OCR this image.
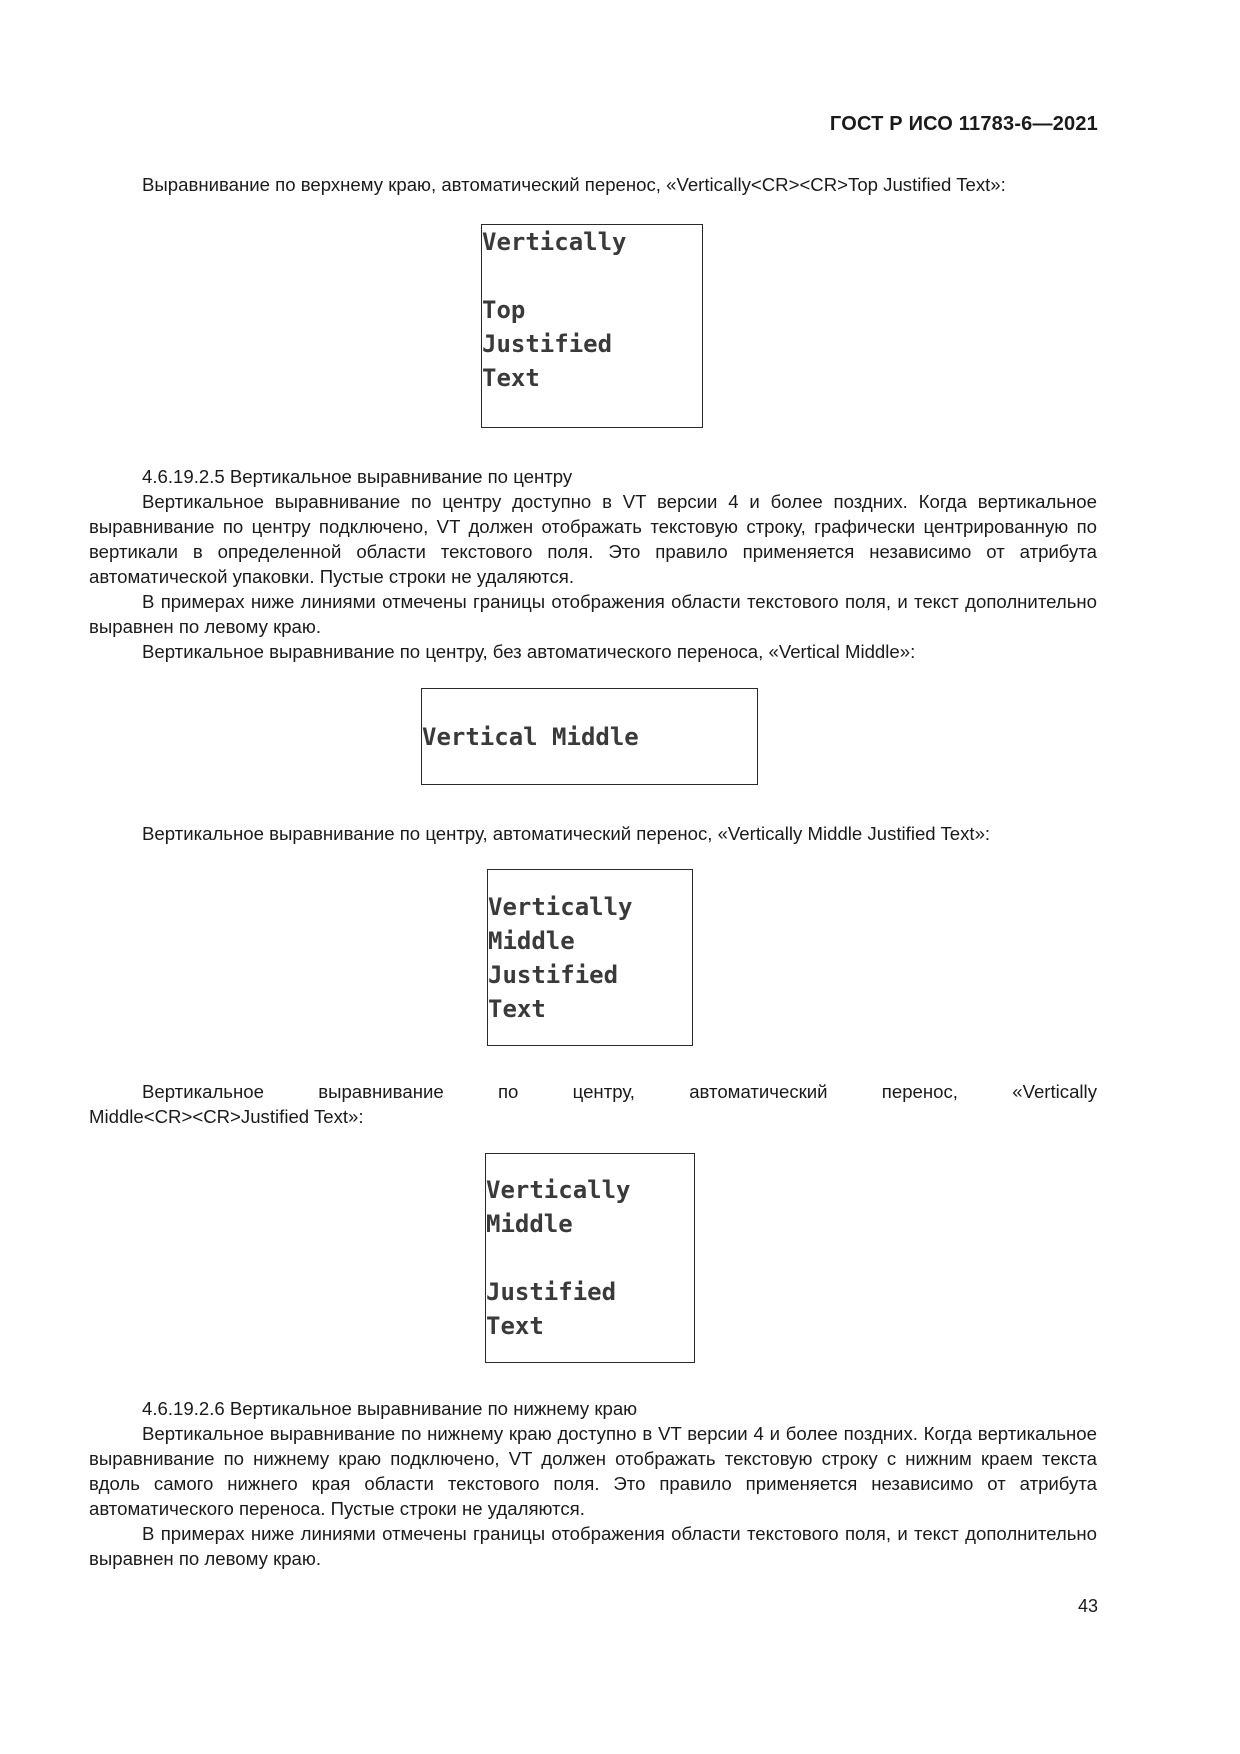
ГОСТ Р ИСО 11783-6—2021
Выравнивание по верхнему краю, автоматический перенос, «Vertically<CR><CR>Top Justified Text»:
Vertically
Top
Justified
Text
4.6.19.2.5 Вертикальное выравнивание по центру
Вертикальное выравнивание по центру доступно в VT версии 4 и более поздних. Когда вертикальное выравнивание по центру подключено, VT должен отображать текстовую строку, графически центрированную по вертикали в определенной области текстового поля. Это правило применяется независимо от атрибута автоматической упаковки. Пустые строки не удаляются.
В примерах ниже линиями отмечены границы отображения области текстового поля, и текст дополнительно выравнен по левому краю.
Вертикальное выравнивание по центру, без автоматического переноса, «Vertical Middle»:
Vertical Middle
Вертикальное выравнивание по центру, автоматический перенос, «Vertically Middle Justified Text»:
Vertically
Middle
Justified
Text
Вертикальное выравнивание по центру, автоматический перенос, «Vertically
Middle<CR><CR>Justified Text»:
Vertically
Middle
Justified
Text
4.6.19.2.6 Вертикальное выравнивание по нижнему краю
Вертикальное выравнивание по нижнему краю доступно в VT версии 4 и более поздних. Когда вертикальное выравнивание по нижнему краю подключено, VT должен отображать текстовую строку с нижним краем текста вдоль самого нижнего края области текстового поля. Это правило применяется независимо от атрибута автоматического переноса. Пустые строки не удаляются.
В примерах ниже линиями отмечены границы отображения области текстового поля, и текст дополнительно выравнен по левому краю.
43
